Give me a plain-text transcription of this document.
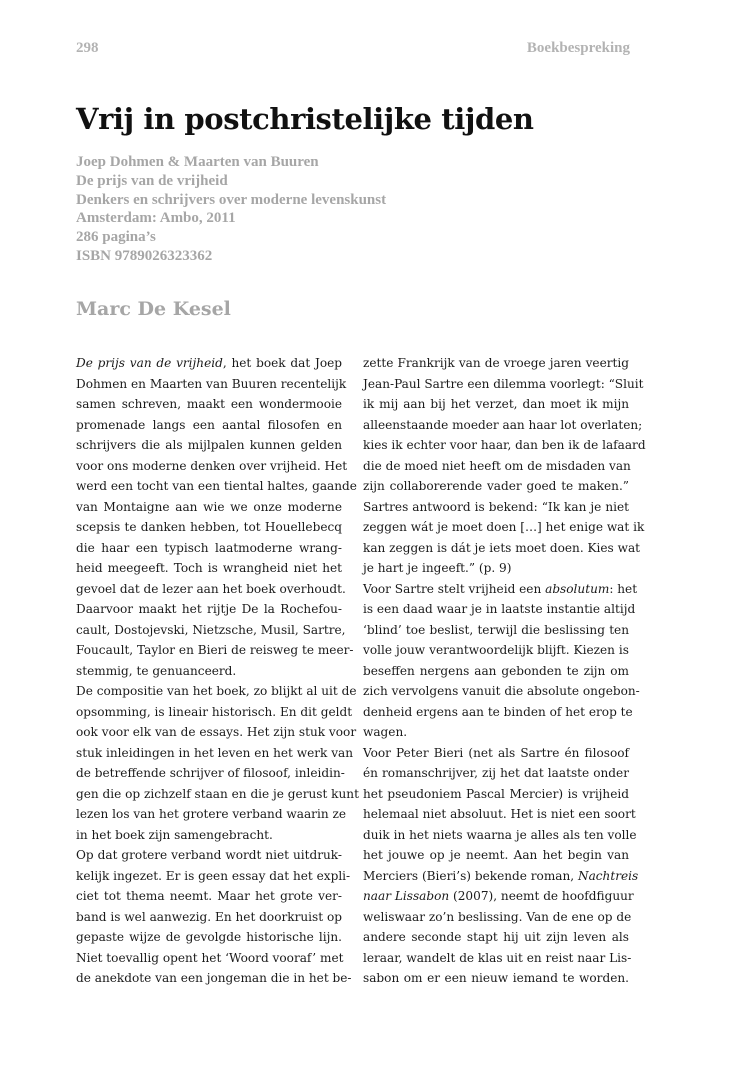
298	Boekbespreking
Vrij in postchristelijke tijden
Joep Dohmen & Maarten van Buuren
De prijs van de vrijheid
Denkers en schrijvers over moderne levenskunst
Amsterdam: Ambo, 2011
286 pagina’s
ISBN 9789026323362
Marc De Kesel
De prijs van de vrijheid, het boek dat Joep
Dohmen en Maarten van Buuren recentelijk
samen schreven, maakt een wondermooie
promenade langs een aantal filosofen en
schrijvers die als mijlpalen kunnen gelden
voor ons moderne denken over vrijheid. Het
werd een tocht van een tiental haltes, gaande
van Montaigne aan wie we onze moderne
scepsis te danken hebben, tot Houellebecq
die haar een typisch laatmoderne wrang-
heid meegeeft. Toch is wrangheid niet het
gevoel dat de lezer aan het boek overhoudt.
Daarvoor maakt het rijtje De la Rochefou-
cault, Dostojevski, Nietzsche, Musil, Sartre,
Foucault, Taylor en Bieri de reisweg te meer-
stemmig, te genuanceerd.
De compositie van het boek, zo blijkt al uit de
opsomming, is lineair historisch. En dit geldt
ook voor elk van de essays. Het zijn stuk voor
stuk inleidingen in het leven en het werk van
de betreffende schrijver of filosoof, inleidin-
gen die op zichzelf staan en die je gerust kunt
lezen los van het grotere verband waarin ze
in het boek zijn samengebracht.
Op dat grotere verband wordt niet uitdruk-
kelijk ingezet. Er is geen essay dat het expli-
ciet tot thema neemt. Maar het grote ver-
band is wel aanwezig. En het doorkruist op
gepaste wijze de gevolgde historische lijn.
Niet toevallig opent het ‘Woord vooraf’ met
de anekdote van een jongeman die in het be-
zette Frankrijk van de vroege jaren veertig
Jean-Paul Sartre een dilemma voorlegt: “Sluit
ik mij aan bij het verzet, dan moet ik mijn
alleenstaande moeder aan haar lot overlaten;
kies ik echter voor haar, dan ben ik de lafaard
die de moed niet heeft om de misdaden van
zijn collaborerende vader goed te maken.”
Sartres antwoord is bekend: “Ik kan je niet
zeggen wát je moet doen […] het enige wat ik
kan zeggen is dát je iets moet doen. Kies wat
je hart je ingeeft.” (p. 9)
Voor Sartre stelt vrijheid een absolutum: het
is een daad waar je in laatste instantie altijd
‘blind’ toe beslist, terwijl die beslissing ten
volle jouw verantwoordelijk blijft. Kiezen is
beseffen nergens aan gebonden te zijn om
zich vervolgens vanuit die absolute ongebon-
denheid ergens aan te binden of het erop te
wagen.
Voor Peter Bieri (net als Sartre én filosoof
én romanschrijver, zij het dat laatste onder
het pseudoniem Pascal Mercier) is vrijheid
helemaal niet absoluut. Het is niet een soort
duik in het niets waarna je alles als ten volle
het jouwe op je neemt. Aan het begin van
Merciers (Bieri’s) bekende roman, Nachtreis
naar Lissabon (2007), neemt de hoofdfiguur
weliswaar zo’n beslissing. Van de ene op de
andere seconde stapt hij uit zijn leven als
leraar, wandelt de klas uit en reist naar Lis-
sabon om er een nieuw iemand te worden.
